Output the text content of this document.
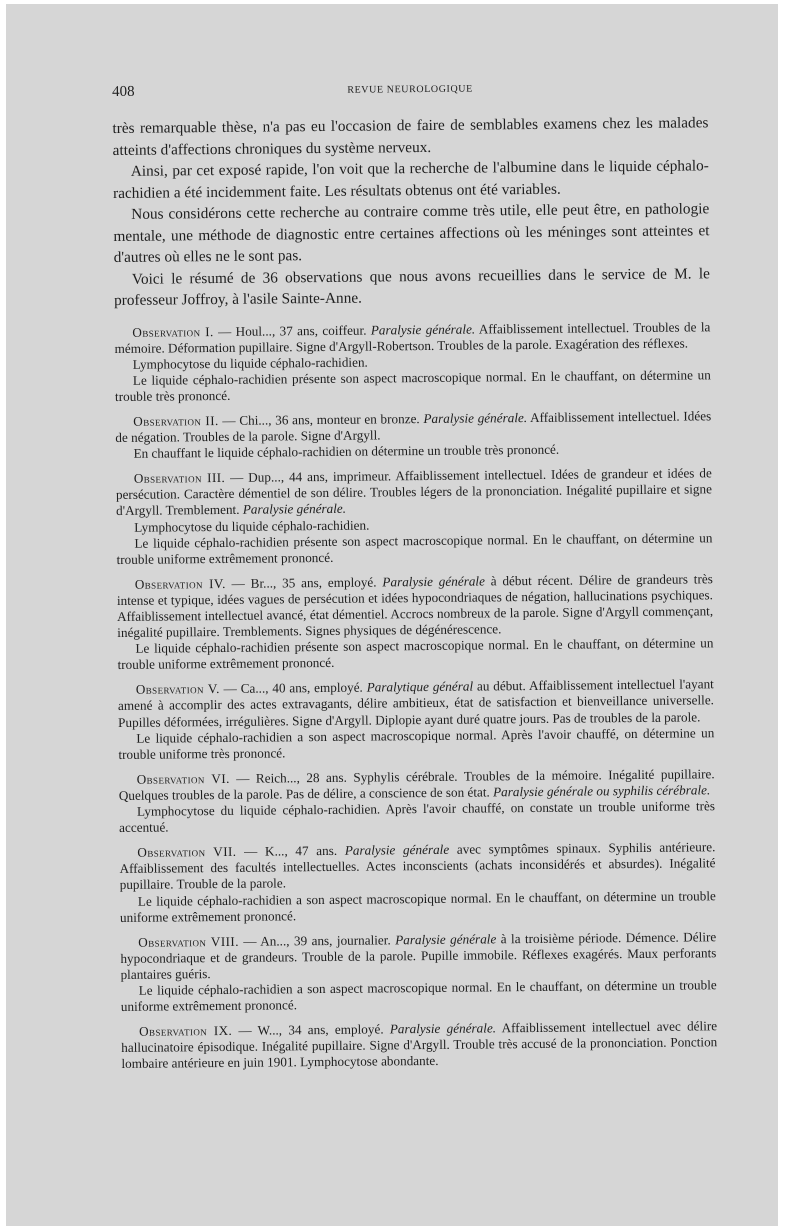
408	REVUE NEUROLOGIQUE

très remarquable thèse, n'a pas eu l'occasion de faire de semblables examens chez les malades atteints d'affections chroniques du système nerveux.

Ainsi, par cet exposé rapide, l'on voit que la recherche de l'albumine dans le liquide céphalo-rachidien a été incidemment faite. Les résultats obtenus ont été variables.

Nous considérons cette recherche au contraire comme très utile, elle peut être, en pathologie mentale, une méthode de diagnostic entre certaines affections où les méninges sont atteintes et d'autres où elles ne le sont pas.

Voici le résumé de 36 observations que nous avons recueillies dans le service de M. le professeur Joffroy, à l'asile Sainte-Anne.

Observation I. — Houl..., 37 ans, coiffeur. Paralysie générale. Affaiblissement intellectuel. Troubles de la mémoire. Déformation pupillaire. Signe d'Argyll-Robertson. Troubles de la parole. Exagération des réflexes.

Lymphocytose du liquide céphalo-rachidien.

Le liquide céphalo-rachidien présente son aspect macroscopique normal. En le chauffant, on détermine un trouble très prononcé.

Observation II. — Chi..., 36 ans, monteur en bronze. Paralysie générale. Affaiblissement intellectuel. Idées de négation. Troubles de la parole. Signe d'Argyll.

En chauffant le liquide céphalo-rachidien on détermine un trouble très prononcé.

Observation III. — Dup..., 44 ans, imprimeur. Affaiblissement intellectuel. Idées de grandeur et idées de persécution. Caractère démentiel de son délire. Troubles légers de la prononciation. Inégalité pupillaire et signe d'Argyll. Tremblement. Paralysie générale.

Lymphocytose du liquide céphalo-rachidien.

Le liquide céphalo-rachidien présente son aspect macroscopique normal. En le chauffant, on détermine un trouble uniforme extrêmement prononcé.

Observation IV. — Br..., 35 ans, employé. Paralysie générale à début récent. Délire de grandeurs très intense et typique, idées vagues de persécution et idées hypocondriaques de négation, hallucinations psychiques. Affaiblissement intellectuel avancé, état démentiel. Accrocs nombreux de la parole. Signe d'Argyll commençant, inégalité pupillaire. Tremblements. Signes physiques de dégénérescence.

Le liquide céphalo-rachidien présente son aspect macroscopique normal. En le chauffant, on détermine un trouble uniforme extrêmement prononcé.

Observation V. — Ca..., 40 ans, employé. Paralytique général au début. Affaiblissement intellectuel l'ayant amené à accomplir des actes extravagants, délire ambitieux, état de satisfaction et bienveillance universelle. Pupilles déformées, irrégulières. Signe d'Argyll. Diplopie ayant duré quatre jours. Pas de troubles de la parole.

Le liquide céphalo-rachidien a son aspect macroscopique normal. Après l'avoir chauffé, on détermine un trouble uniforme très prononcé.

Observation VI. — Reich..., 28 ans. Syphylis cérébrale. Troubles de la mémoire. Inégalité pupillaire. Quelques troubles de la parole. Pas de délire, a conscience de son état. Paralysie générale ou syphilis cérébrale.

Lymphocytose du liquide céphalo-rachidien. Après l'avoir chauffé, on constate un trouble uniforme très accentué.

Observation VII. — K..., 47 ans. Paralysie générale avec symptômes spinaux. Syphilis antérieure. Affaiblissement des facultés intellectuelles. Actes inconscients (achats inconsidérés et absurdes). Inégalité pupillaire. Trouble de la parole.

Le liquide céphalo-rachidien a son aspect macroscopique normal. En le chauffant, on détermine un trouble uniforme extrêmement prononcé.

Observation VIII. — An..., 39 ans, journalier. Paralysie générale à la troisième période. Démence. Délire hypocondriaque et de grandeurs. Trouble de la parole. Pupille immobile. Réflexes exagérés. Maux perforants plantaires guéris.

Le liquide céphalo-rachidien a son aspect macroscopique normal. En le chauffant, on détermine un trouble uniforme extrêmement prononcé.

Observation IX. — W..., 34 ans, employé. Paralysie générale. Affaiblissement intellectuel avec délire hallucinatoire épisodique. Inégalité pupillaire. Signe d'Argyll. Trouble très accusé de la prononciation. Ponction lombaire antérieure en juin 1901. Lymphocytose abondante.
